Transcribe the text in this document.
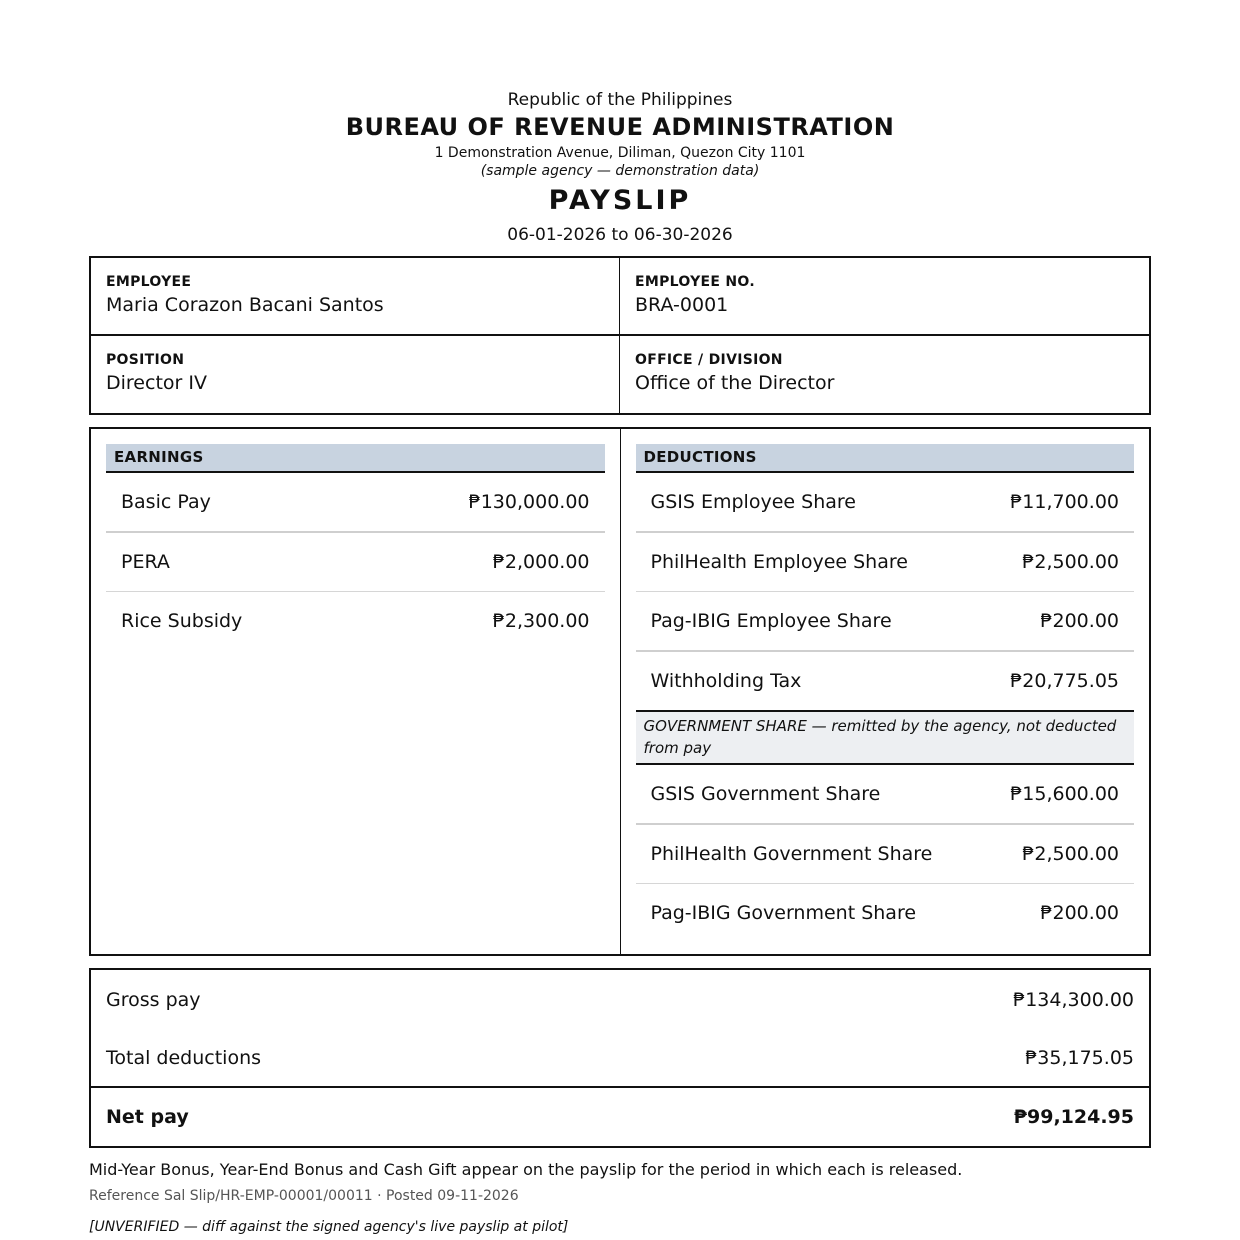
Republic of the Philippines
BUREAU OF REVENUE ADMINISTRATION
1 Demonstration Avenue, Diliman, Quezon City 1101
(sample agency — demonstration data)
PAYSLIP
06-01-2026 to 06-30-2026
EMPLOYEE
Maria Corazon Bacani Santos
EMPLOYEE NO.
BRA-0001
POSITION
Director IV
OFFICE / DIVISION
Office of the Director
EARNINGS
Basic Pay	₱130,000.00
PERA	₱2,000.00
Rice Subsidy	₱2,300.00
DEDUCTIONS
GSIS Employee Share	₱11,700.00
PhilHealth Employee Share	₱2,500.00
Pag-IBIG Employee Share	₱200.00
Withholding Tax	₱20,775.05
GOVERNMENT SHARE — remitted by the agency, not deducted from pay
GSIS Government Share	₱15,600.00
PhilHealth Government Share	₱2,500.00
Pag-IBIG Government Share	₱200.00
Gross pay	₱134,300.00
Total deductions	₱35,175.05
Net pay	₱99,124.95
Mid-Year Bonus, Year-End Bonus and Cash Gift appear on the payslip for the period in which each is released.
Reference Sal Slip/HR-EMP-00001/00011 · Posted 09-11-2026
[UNVERIFIED — diff against the signed agency's live payslip at pilot]
